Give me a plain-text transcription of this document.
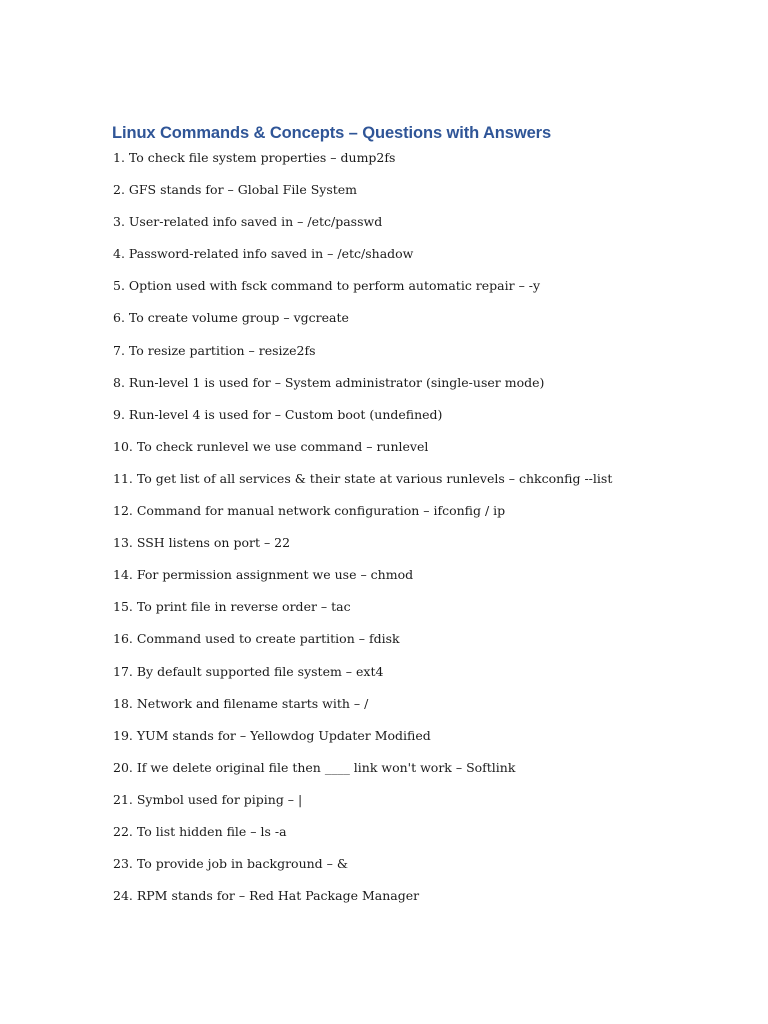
Linux Commands & Concepts – Questions with Answers
1. To check file system properties – dump2fs
2. GFS stands for – Global File System
3. User-related info saved in – /etc/passwd
4. Password-related info saved in – /etc/shadow
5. Option used with fsck command to perform automatic repair – -y
6. To create volume group – vgcreate
7. To resize partition – resize2fs
8. Run-level 1 is used for – System administrator (single-user mode)
9. Run-level 4 is used for – Custom boot (undefined)
10. To check runlevel we use command – runlevel
11. To get list of all services & their state at various runlevels – chkconfig --list
12. Command for manual network configuration – ifconfig / ip
13. SSH listens on port – 22
14. For permission assignment we use – chmod
15. To print file in reverse order – tac
16. Command used to create partition – fdisk
17. By default supported file system – ext4
18. Network and filename starts with – /
19. YUM stands for – Yellowdog Updater Modified
20. If we delete original file then ____ link won't work – Softlink
21. Symbol used for piping – |
22. To list hidden file – ls -a
23. To provide job in background – &
24. RPM stands for – Red Hat Package Manager
